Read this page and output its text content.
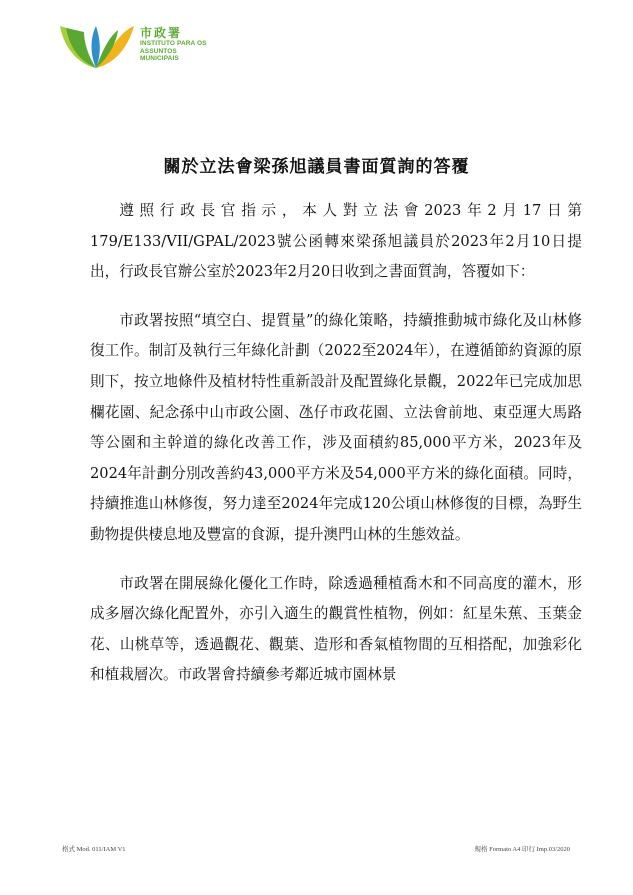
市政署
INSTITUTO PARA OS
ASSUNTOS MUNICIPAIS
關於立法會梁孫旭議員書面質詢的答覆

遵照行政長官指示，本人對立法會2023年2月17日第179/E133/VII/GPAL/2023號公函轉來梁孫旭議員於2023年2月10日提出，行政長官辦公室於2023年2月20日收到之書面質詢，答覆如下：

市政署按照“填空白、提質量”的綠化策略，持續推動城市綠化及山林修復工作。制訂及執行三年綠化計劃（2022至2024年），在遵循節約資源的原則下，按立地條件及植材特性重新設計及配置綠化景觀，2022年已完成加思欄花園、紀念孫中山市政公園、氹仔市政花園、立法會前地、東亞運大馬路等公園和主幹道的綠化改善工作，涉及面積約85,000平方米，2023年及2024年計劃分別改善約43,000平方米及54,000平方米的綠化面積。同時，持續推進山林修復，努力達至2024年完成120公頃山林修復的目標，為野生動物提供棲息地及豐富的食源，提升澳門山林的生態效益。

市政署在開展綠化優化工作時，除透過種植喬木和不同高度的灌木，形成多層次綠化配置外，亦引入適生的觀賞性植物，例如：紅星朱蕉、玉葉金花、山桃草等，透過觀花、觀葉、造形和香氣植物間的互相搭配，加強彩化和植栽層次。市政署會持續參考鄰近城市園林景

格式 Mod. 011/IAM V1	規格 Formato A4 印行 Imp.03/2020
